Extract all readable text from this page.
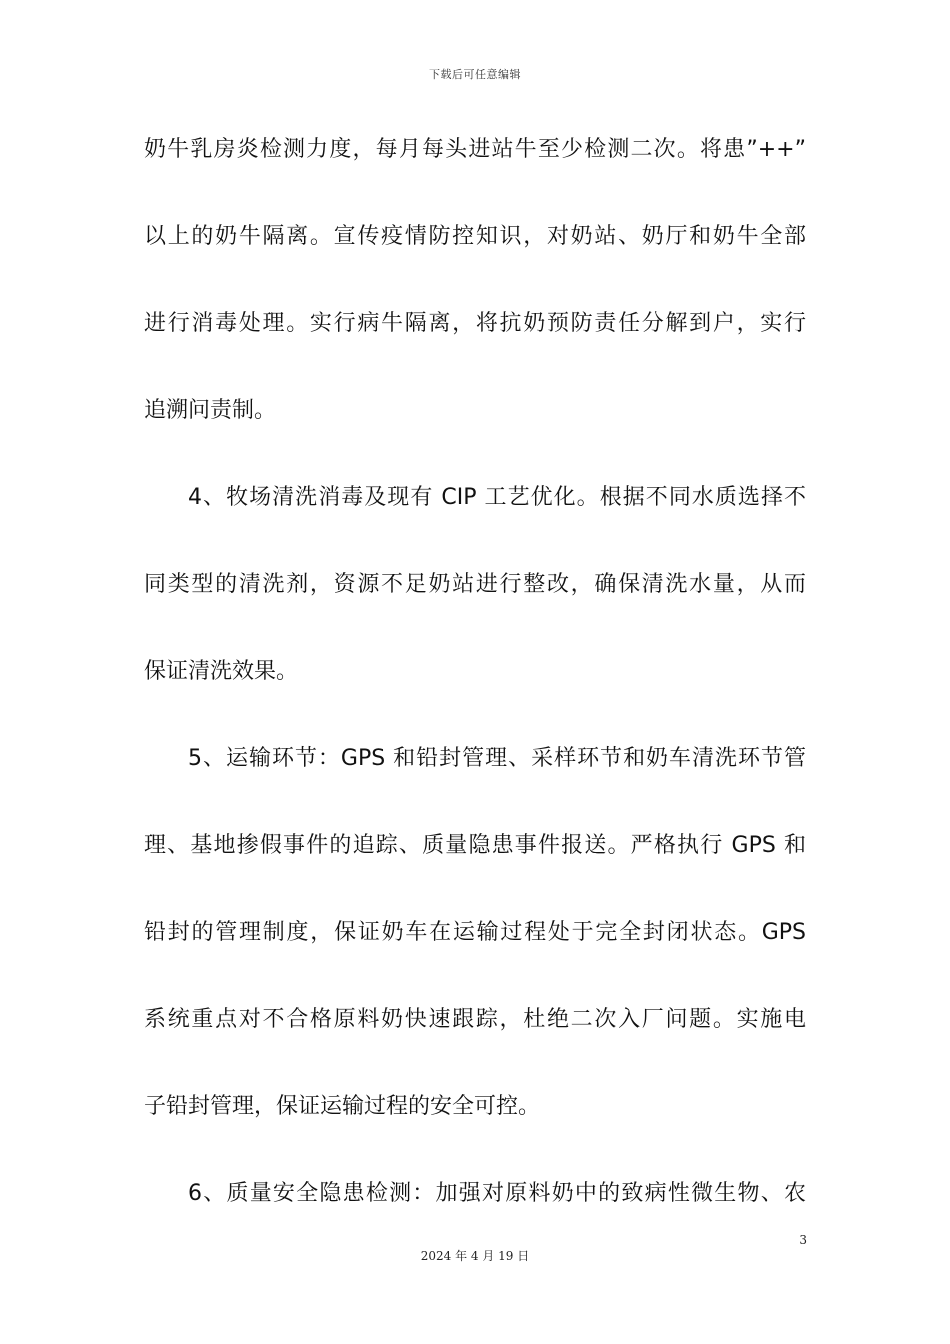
下载后可任意编辑
奶牛乳房炎检测力度，每月每头进站牛至少检测二次。将患”++”
以上的奶牛隔离。宣传疫情防控知识，对奶站、奶厅和奶牛全部
进行消毒处理。实行病牛隔离，将抗奶预防责任分解到户，实行
追溯问责制。
4、牧场清洗消毒及现有 CIP 工艺优化。根据不同水质选择不
同类型的清洗剂，资源不足奶站进行整改，确保清洗水量，从而
保证清洗效果。
5、运输环节：GPS 和铅封管理、采样环节和奶车清洗环节管
理、基地掺假事件的追踪、质量隐患事件报送。严格执行 GPS 和
铅封的管理制度，保证奶车在运输过程处于完全封闭状态。GPS
系统重点对不合格原料奶快速跟踪，杜绝二次入厂问题。实施电
子铅封管理，保证运输过程的安全可控。
6、质量安全隐患检测：加强对原料奶中的致病性微生物、农
3
2024 年 4 月 19 日
